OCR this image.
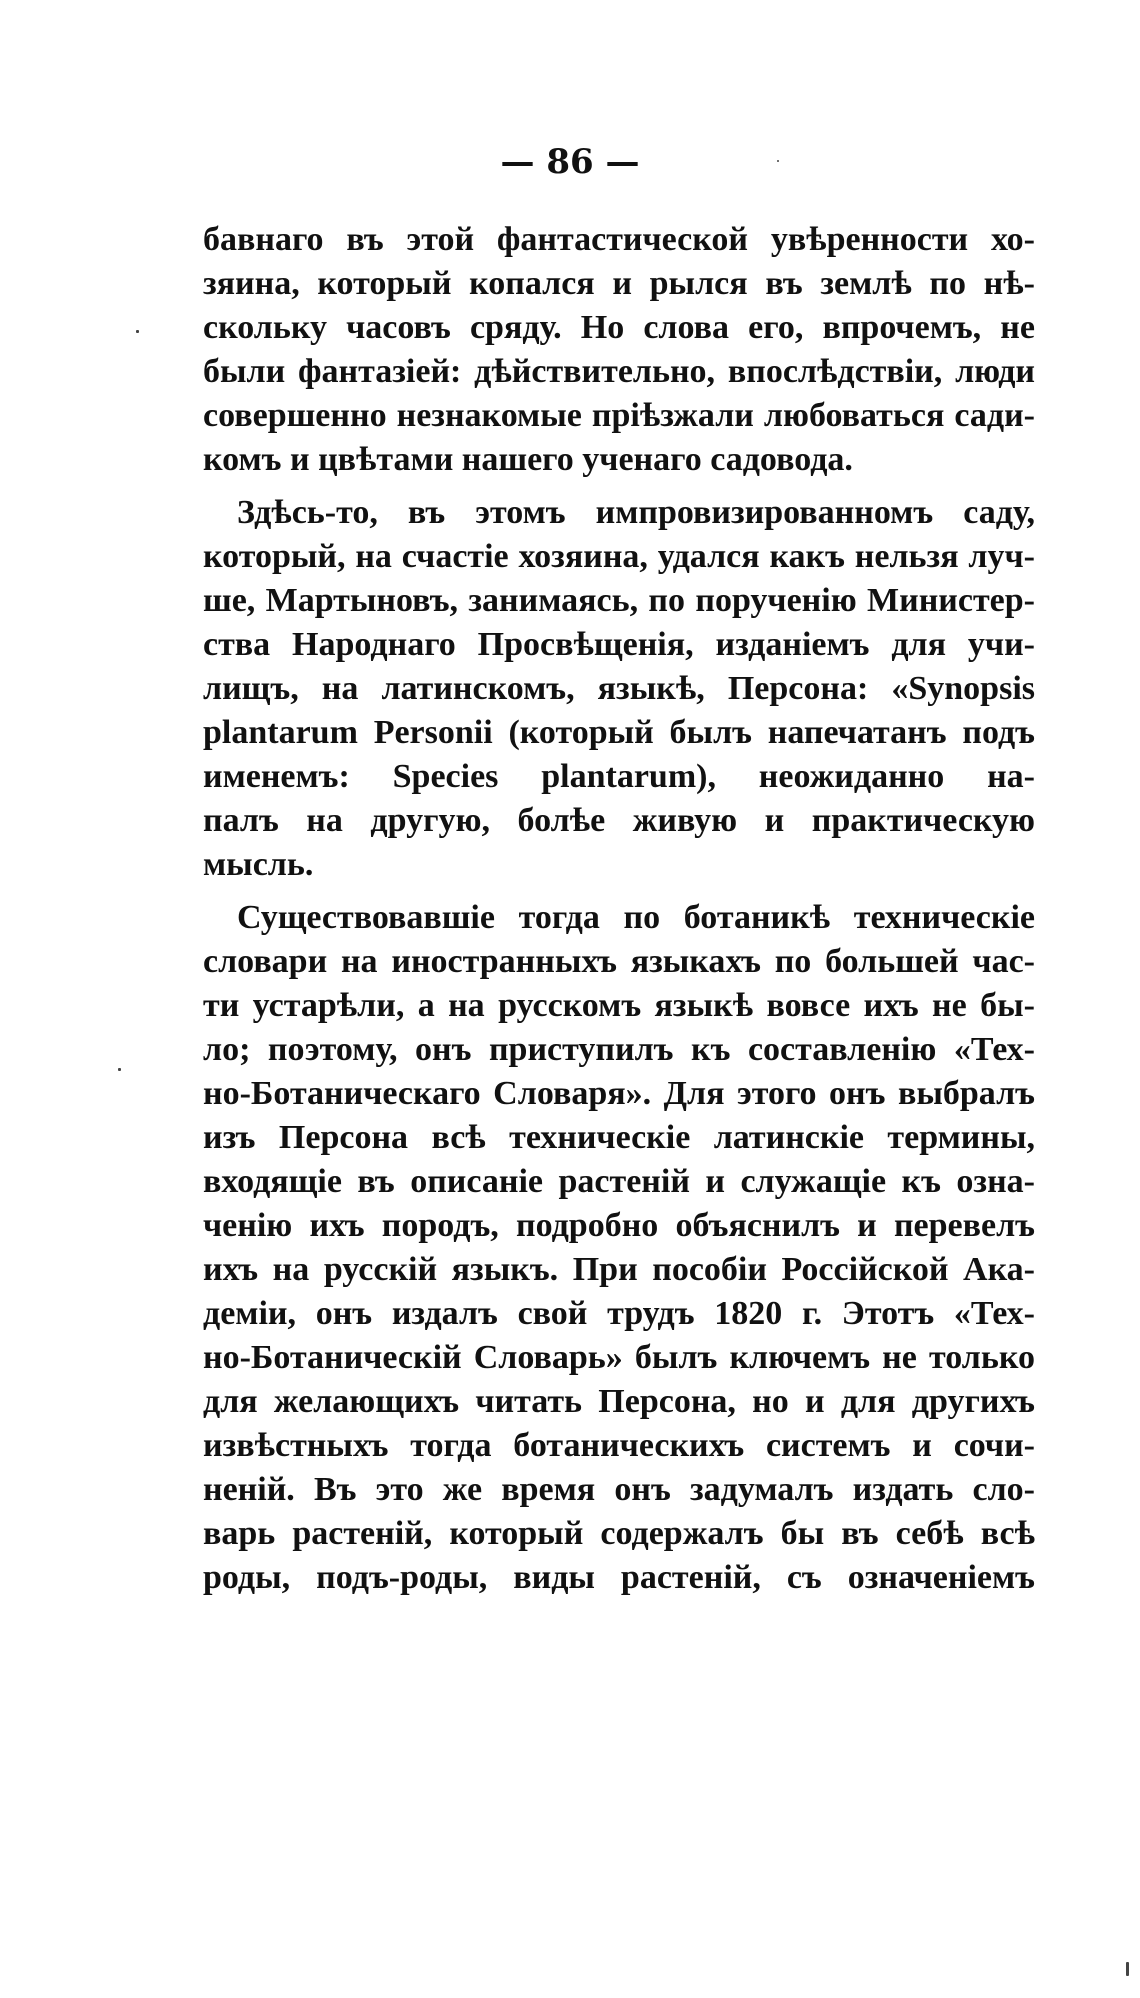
— 86 —
бавнаго въ этой фантастической увѣренности хо-
зяина, который копался и рылся въ землѣ по нѣ-
скольку часовъ сряду. Но слова его, впрочемъ, не
были фантазiей: дѣйствительно, впослѣдствiи, люди
совершенно незнакомые прiѣзжали любоваться сади-
комъ и цвѣтами нашего ученаго садовода.
Здѣсь-то, въ этомъ импровизированномъ саду,
который, на счастiе хозяина, удался какъ нельзя луч-
ше, Мартыновъ, занимаясь, по порученiю Министер-
ства Народнаго Просвѣщенiя, изданiемъ для учи-
лищъ, на латинскомъ, языкѣ, Персона: «Synopsis
plantarum Personii (который былъ напечатанъ подъ
именемъ: Species plantarum), неожиданно на-
палъ на другую, болѣе живую и практическую
мысль.
Существовавшiе тогда по ботаникѣ техническiе
словари на иностранныхъ языкахъ по большей час-
ти устарѣли, а на русскомъ языкѣ вовсе ихъ не бы-
ло; поэтому, онъ приступилъ къ составленiю «Тех-
но-Ботаническаго Словаря». Для этого онъ выбралъ
изъ Персона всѣ техническiе латинскiе термины,
входящiе въ описанiе растенiй и служащiе къ озна-
ченiю ихъ породъ, подробно объяснилъ и перевелъ
ихъ на русскiй языкъ. При пособiи Россiйской Ака-
демiи, онъ издалъ свой трудъ 1820 г. Этотъ «Тех-
но-Ботаническiй Словарь» былъ ключемъ не только
для желающихъ читать Персона, но и для другихъ
извѣстныхъ тогда ботаническихъ системъ и сочи-
ненiй. Въ это же время онъ задумалъ издать сло-
варь растенiй, который содержалъ бы въ себѣ всѣ
роды, подъ-роды, виды растенiй, съ означенiемъ
